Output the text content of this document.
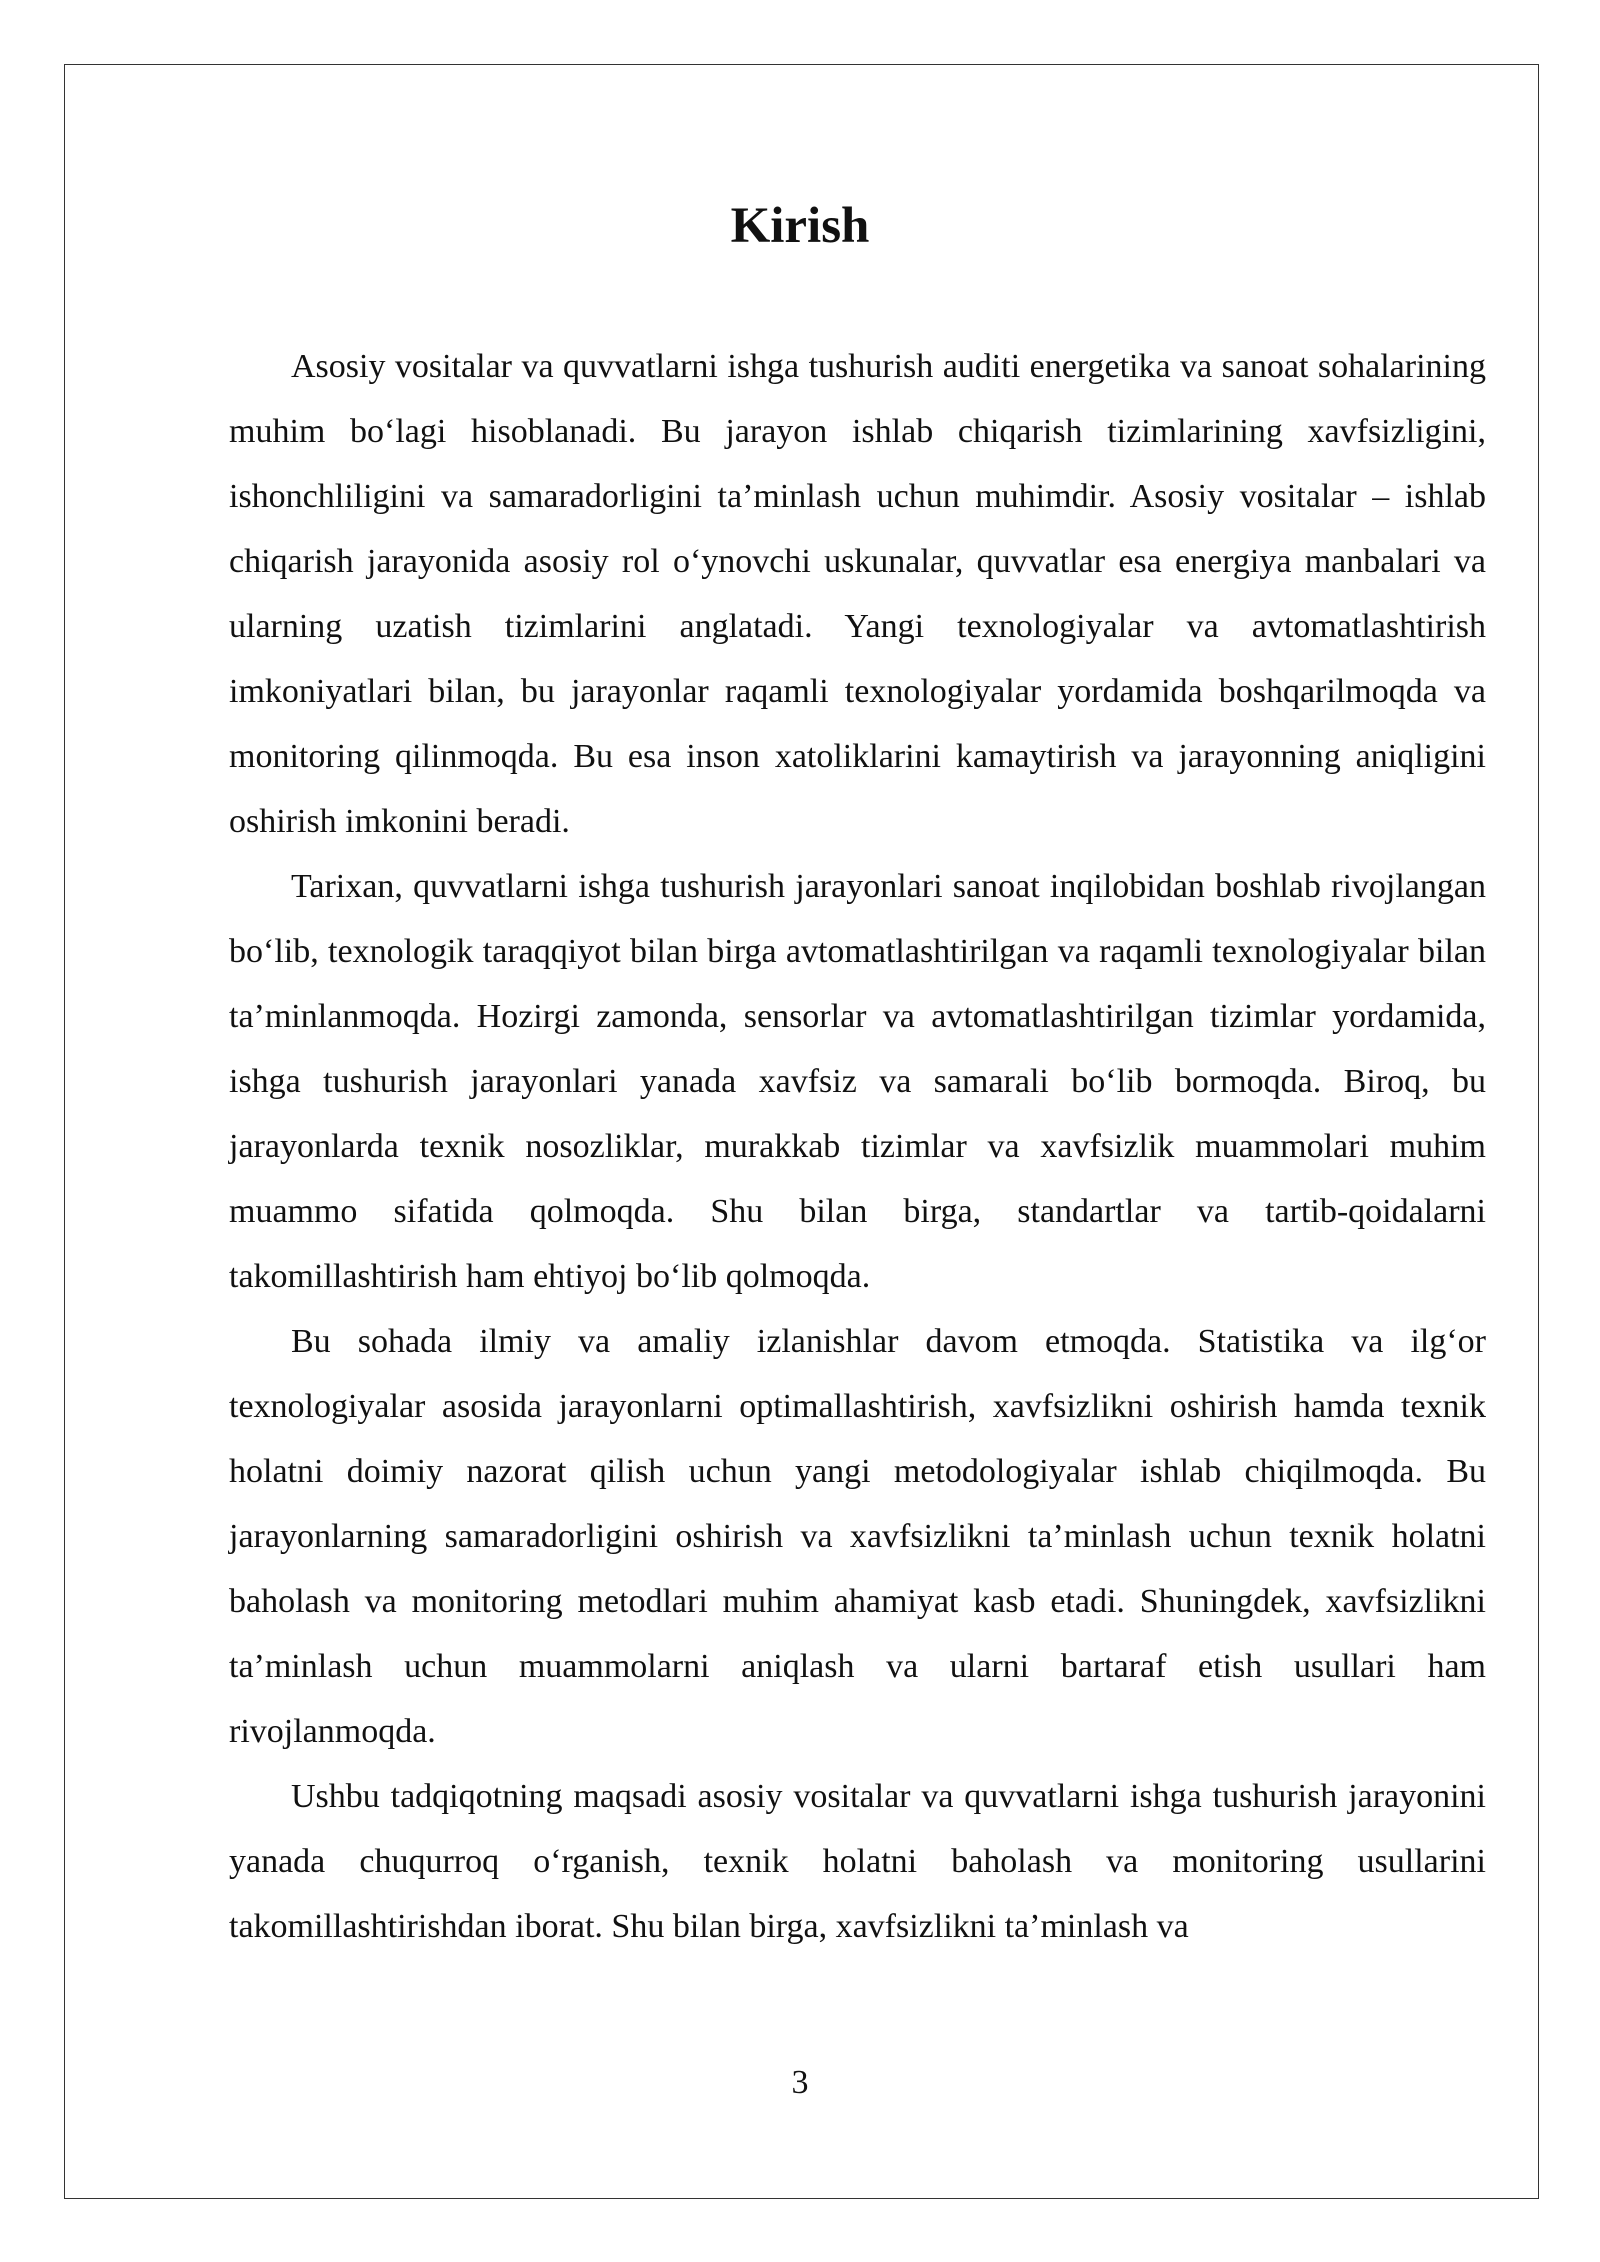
Kirish

Asosiy vositalar va quvvatlarni ishga tushurish auditi energetika va sanoat sohalarining muhim bo‘lagi hisoblanadi. Bu jarayon ishlab chiqarish tizimlarining xavfsizligini, ishonchliligini va samaradorligini ta’minlash uchun muhimdir. Asosiy vositalar – ishlab chiqarish jarayonida asosiy rol o‘ynovchi uskunalar, quvvatlar esa energiya manbalari va ularning uzatish tizimlarini anglatadi. Yangi texnologiyalar va avtomatlashtirish imkoniyatlari bilan, bu jarayonlar raqamli texnologiyalar yordamida boshqarilmoqda va monitoring qilinmoqda. Bu esa inson xatoliklarini kamaytirish va jarayonning aniqligini oshirish imkonini beradi.

Tarixan, quvvatlarni ishga tushurish jarayonlari sanoat inqilobidan boshlab rivojlangan bo‘lib, texnologik taraqqiyot bilan birga avtomatlashtirilgan va raqamli texnologiyalar bilan ta’minlanmoqda. Hozirgi zamonda, sensorlar va avtomatlashtirilgan tizimlar yordamida, ishga tushurish jarayonlari yanada xavfsiz va samarali bo‘lib bormoqda. Biroq, bu jarayonlarda texnik nosozliklar, murakkab tizimlar va xavfsizlik muammolari muhim muammo sifatida qolmoqda. Shu bilan birga, standartlar va tartib-qoidalarni takomillashtirish ham ehtiyoj bo‘lib qolmoqda.

Bu sohada ilmiy va amaliy izlanishlar davom etmoqda. Statistika va ilg‘or texnologiyalar asosida jarayonlarni optimallashtirish, xavfsizlikni oshirish hamda texnik holatni doimiy nazorat qilish uchun yangi metodologiyalar ishlab chiqilmoqda. Bu jarayonlarning samaradorligini oshirish va xavfsizlikni ta’minlash uchun texnik holatni baholash va monitoring metodlari muhim ahamiyat kasb etadi. Shuningdek, xavfsizlikni ta’minlash uchun muammolarni aniqlash va ularni bartaraf etish usullari ham rivojlanmoqda.

Ushbu tadqiqotning maqsadi asosiy vositalar va quvvatlarni ishga tushurish jarayonini yanada chuqurroq o‘rganish, texnik holatni baholash va monitoring usullarini takomillashtirishdan iborat. Shu bilan birga, xavfsizlikni ta’minlash va

3
